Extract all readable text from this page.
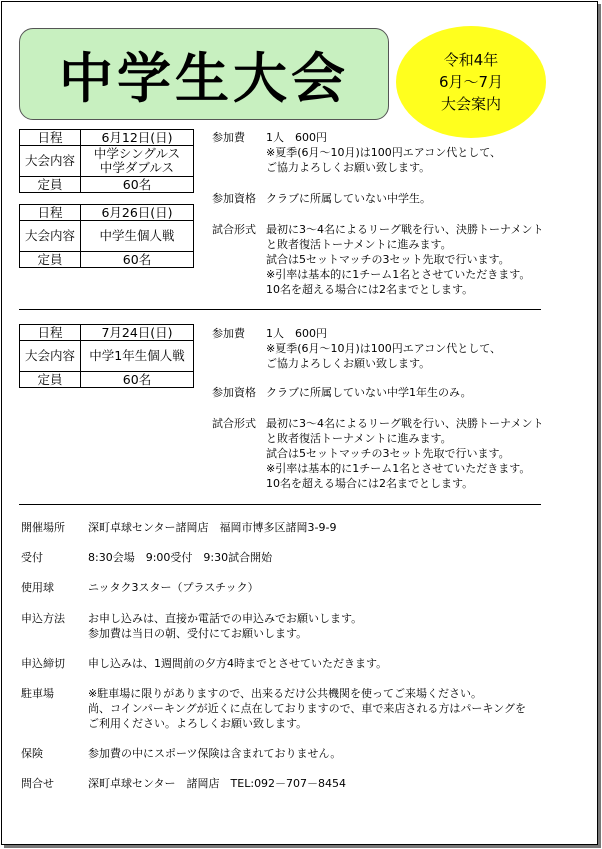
中学生大会	令和4年
6月～7月
大会案内
日程	6月12日(日)
大会内容	中学シングルス
中学ダブルス

定員	60名
日程	6月26日(日)
大会内容	中学生個人戦

定員	60名
参加費 1人　600円
※夏季(6月～10月)は100円エアコン代として、
ご協力よろしくお願い致します。
参加資格 クラブに所属していない中学生。
試合形式 最初に3～4名によるリーグ戦を行い、決勝トーナメント
と敗者復活トーナメントに進みます。
試合は5セットマッチの3セット先取で行います。
※引率は基本的に1チーム1名とさせていただきます。
10名を超える場合には2名までとします。
日程	7月24日(日)
大会内容	中学1年生個人戦

定員	60名
参加費 1人　600円
※夏季(6月～10月)は100円エアコン代として、
ご協力よろしくお願い致します。
参加資格 クラブに所属していない中学1年生のみ。
試合形式 最初に3～4名によるリーグ戦を行い、決勝トーナメント
と敗者復活トーナメントに進みます。
試合は5セットマッチの3セット先取で行います。
※引率は基本的に1チーム1名とさせていただきます。
10名を超える場合には2名までとします。
開催場所 深町卓球センター諸岡店　福岡市博多区諸岡3-9-9
受付	8:30会場　9:00受付　9:30試合開始
使用球	ニッタク3スター（プラスチック）
申込方法 お申し込みは、直接か電話での申込みでお願いします。
参加費は当日の朝、受付にてお願いします。
申込締切 申し込みは、1週間前の夕方4時までとさせていただきます。
駐車場	※駐車場に限りがありますので、出来るだけ公共機関を使ってご来場ください。
尚、コインパーキングが近くに点在しておりますので、車で来店される方はパーキングを
ご利用ください。よろしくお願い致します。
保険	参加費の中にスポーツ保険は含まれておりません。
問合せ	深町卓球センター　諸岡店　TEL:092－707－8454
